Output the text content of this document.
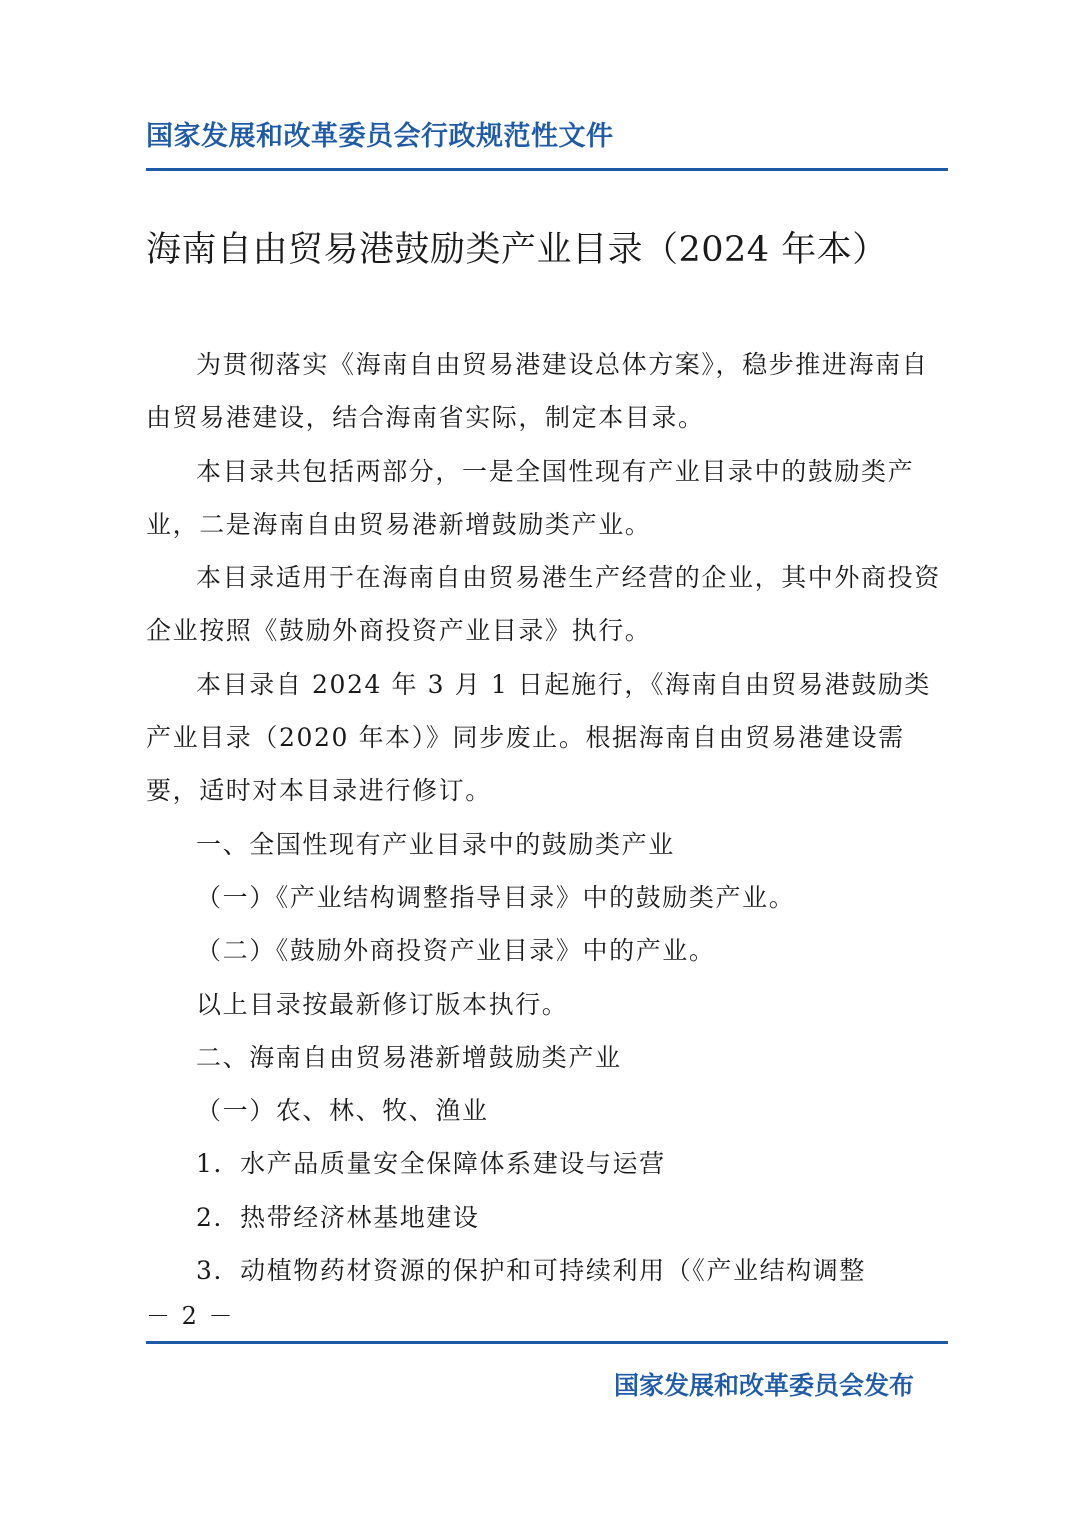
国家发展和改革委员会行政规范性文件
海南自由贸易港鼓励类产业目录（2024 年本）

为贯彻落实《海南自由贸易港建设总体方案》，稳步推进海南自由贸易港建设，结合海南省实际，制定本目录。

本目录共包括两部分，一是全国性现有产业目录中的鼓励类产业，二是海南自由贸易港新增鼓励类产业。

本目录适用于在海南自由贸易港生产经营的企业，其中外商投资企业按照《鼓励外商投资产业目录》执行。

本目录自 2024 年 3 月 1 日起施行，《海南自由贸易港鼓励类产业目录（2020 年本）》同步废止。根据海南自由贸易港建设需要，适时对本目录进行修订。

一、全国性现有产业目录中的鼓励类产业

（一）《产业结构调整指导目录》中的鼓励类产业。

（二）《鼓励外商投资产业目录》中的产业。

以上目录按最新修订版本执行。

二、海南自由贸易港新增鼓励类产业

（一）农、林、牧、渔业

1．水产品质量安全保障体系建设与运营

2．热带经济林基地建设

3．动植物药材资源的保护和可持续利用（《产业结构调整

－ 2 －
国家发展和改革委员会发布
